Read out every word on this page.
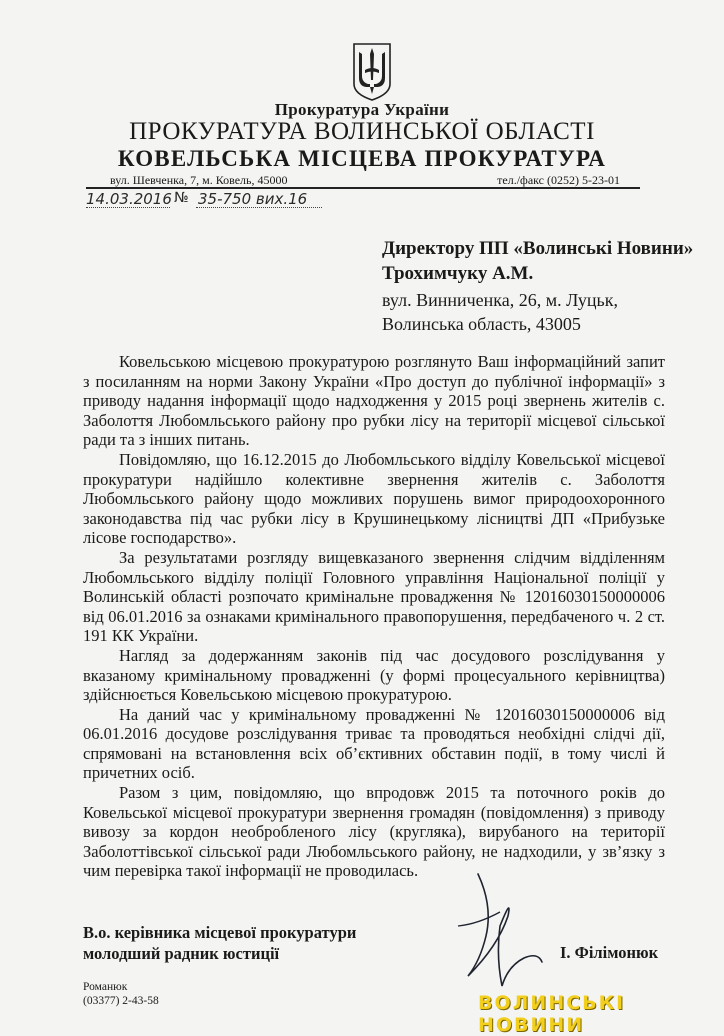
Прокуратура України
ПРОКУРАТУРА ВОЛИНСЬКОЇ ОБЛАСТІ
КОВЕЛЬСЬКА МІСЦЕВА ПРОКУРАТУРА
вул. Шевченка, 7, м. Ковель, 45000	тел./факс (0252) 5-23-01
14.03.2016 № 35-750 вих.16
Директору ПП «Волинські Новини»
Трохимчуку А.М.
вул. Винниченка, 26, м. Луцьк,
Волинська область, 43005

Ковельською місцевою прокуратурою розглянуто Ваш інформаційний запит з посиланням на норми Закону України «Про доступ до публічної інформації» з приводу надання інформації щодо надходження у 2015 році звернень жителів с. Заболоття Любомльського району про рубки лісу на території місцевої сільської ради та з інших питань.

Повідомляю, що 16.12.2015 до Любомльського відділу Ковельської місцевої прокуратури надійшло колективне звернення жителів с. Заболоття Любомльського району щодо можливих порушень вимог природоохоронного законодавства під час рубки лісу в Крушинецькому лісництві ДП «Прибузьке лісове господарство».

За результатами розгляду вищевказаного звернення слідчим відділенням Любомльського відділу поліції Головного управління Національної поліції у Волинській області розпочато кримінальне провадження № 12016030150000006 від 06.01.2016 за ознаками кримінального правопорушення, передбаченого ч. 2 ст. 191 КК України.

Нагляд за додержанням законів під час досудового розслідування у вказаному кримінальному провадженні (у формі процесуального керівництва) здійснюється Ковельською місцевою прокуратурою.

На даний час у кримінальному провадженні № 12016030150000006 від 06.01.2016 досудове розслідування триває та проводяться необхідні слідчі дії, спрямовані на встановлення всіх об’єктивних обставин події, в тому числі й причетних осіб.

Разом з цим, повідомляю, що впродовж 2015 та поточного років до Ковельської місцевої прокуратури звернення громадян (повідомлення) з приводу вивозу за кордон необробленого лісу (кругляка), вирубаного на території Заболоттівської сільської ради Любомльського району, не надходили, у зв’язку з чим перевірка такої інформації не проводилась.

В.о. керівника місцевої прокуратури
молодший радник юстиції	І. Філімонюк
Романюк
(03377) 2-43-58	ВОЛИНСЬКІ НОВИНИ
